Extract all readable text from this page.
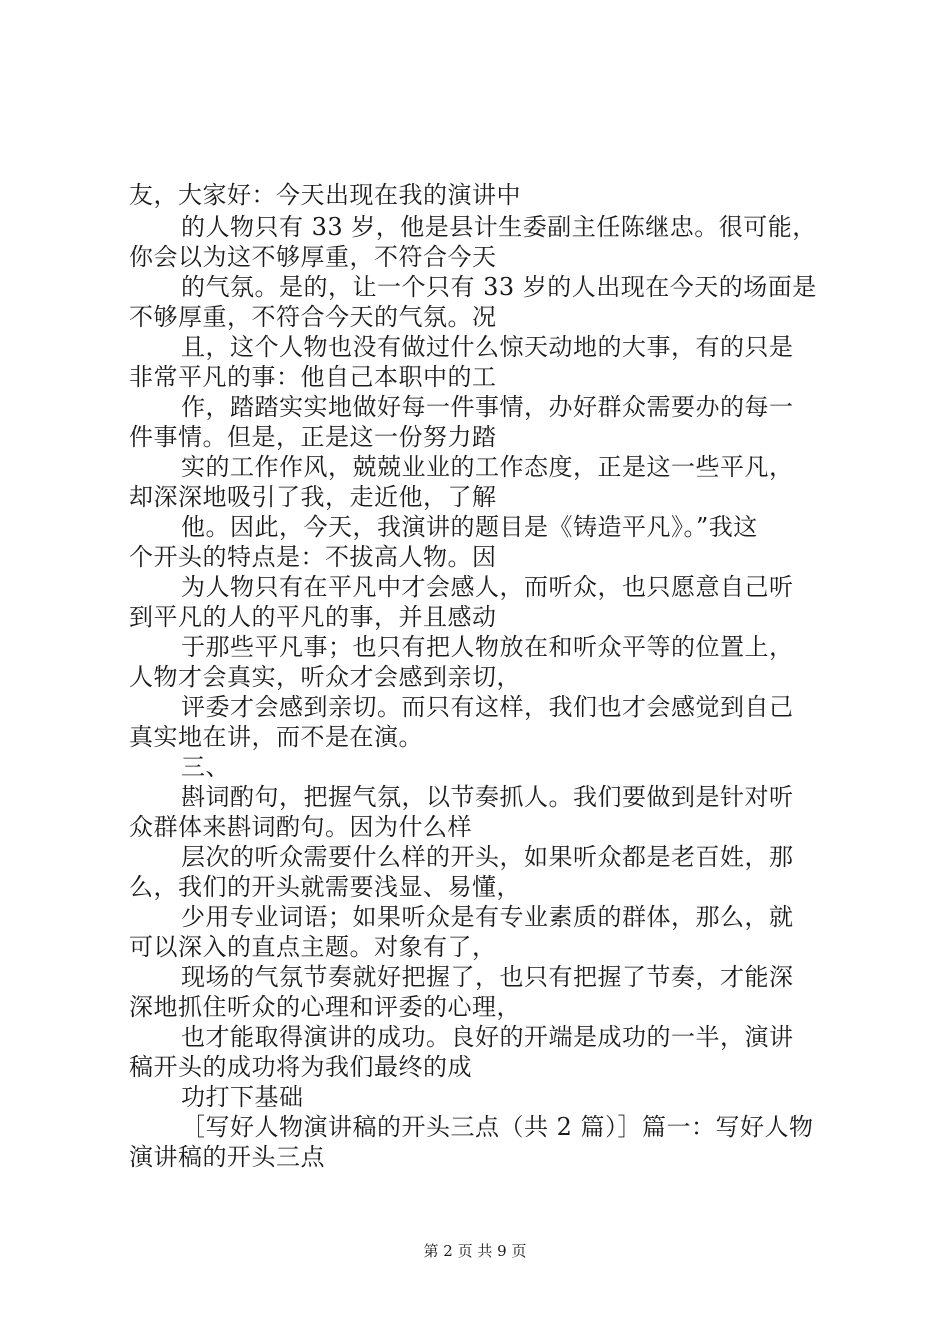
友，大家好：今天出现在我的演讲中
的人物只有 33 岁，他是县计生委副主任陈继忠。很可能，
你会以为这不够厚重，不符合今天
的气氛。是的，让一个只有 33 岁的人出现在今天的场面是
不够厚重，不符合今天的气氛。况
且，这个人物也没有做过什么惊天动地的大事，有的只是
非常平凡的事：他自己本职中的工
作，踏踏实实地做好每一件事情，办好群众需要办的每一
件事情。但是，正是这一份努力踏
实的工作作风，兢兢业业的工作态度，正是这一些平凡，
却深深地吸引了我，走近他，了解
他。因此，今天，我演讲的题目是《铸造平凡》。”我这
个开头的特点是：不拔高人物。因
为人物只有在平凡中才会感人，而听众，也只愿意自己听
到平凡的人的平凡的事，并且感动
于那些平凡事；也只有把人物放在和听众平等的位置上，
人物才会真实，听众才会感到亲切，
评委才会感到亲切。而只有这样，我们也才会感觉到自己
真实地在讲，而不是在演。
三、
斟词酌句，把握气氛，以节奏抓人。我们要做到是针对听
众群体来斟词酌句。因为什么样
层次的听众需要什么样的开头，如果听众都是老百姓，那
么，我们的开头就需要浅显、易懂，
少用专业词语；如果听众是有专业素质的群体，那么，就
可以深入的直点主题。对象有了，
现场的气氛节奏就好把握了，也只有把握了节奏，才能深
深地抓住听众的心理和评委的心理，
也才能取得演讲的成功。良好的开端是成功的一半，演讲
稿开头的成功将为我们最终的成
功打下基础
［写好人物演讲稿的开头三点（共 2 篇）］篇一：写好人物
演讲稿的开头三点
第 2 页 共 9 页
